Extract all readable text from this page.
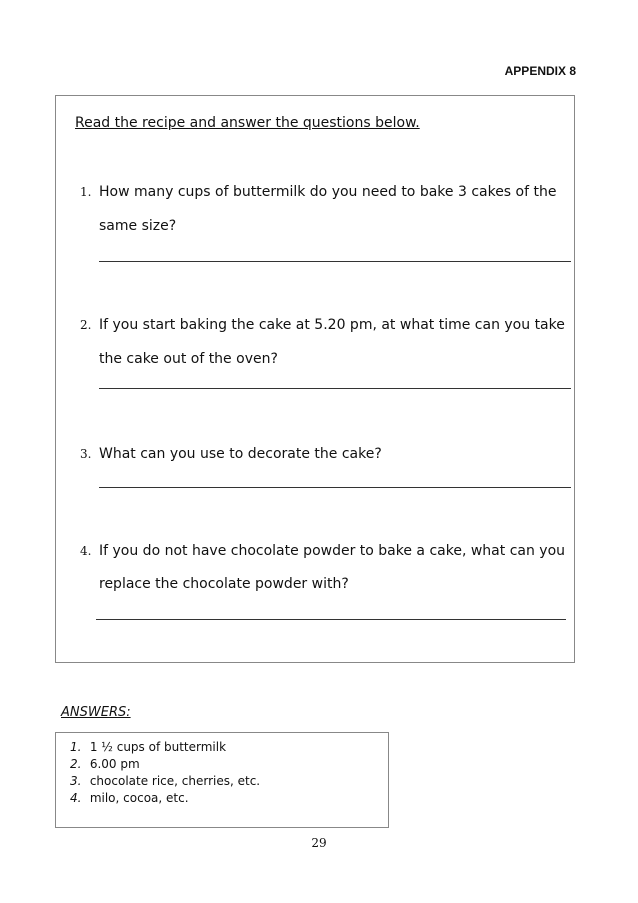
APPENDIX 8
Read the recipe and answer the questions below.
1. How many cups of buttermilk do you need to bake 3 cakes of the
same size?
2. If you start baking the cake at 5.20 pm, at what time can you take
the cake out of the oven?
3. What can you use to decorate the cake?
4. If you do not have chocolate powder to bake a cake, what can you
replace the chocolate powder with?
ANSWERS:
1. 1 ½ cups of buttermilk
2. 6.00 pm
3. chocolate rice, cherries, etc.
4. milo, cocoa, etc.
29
